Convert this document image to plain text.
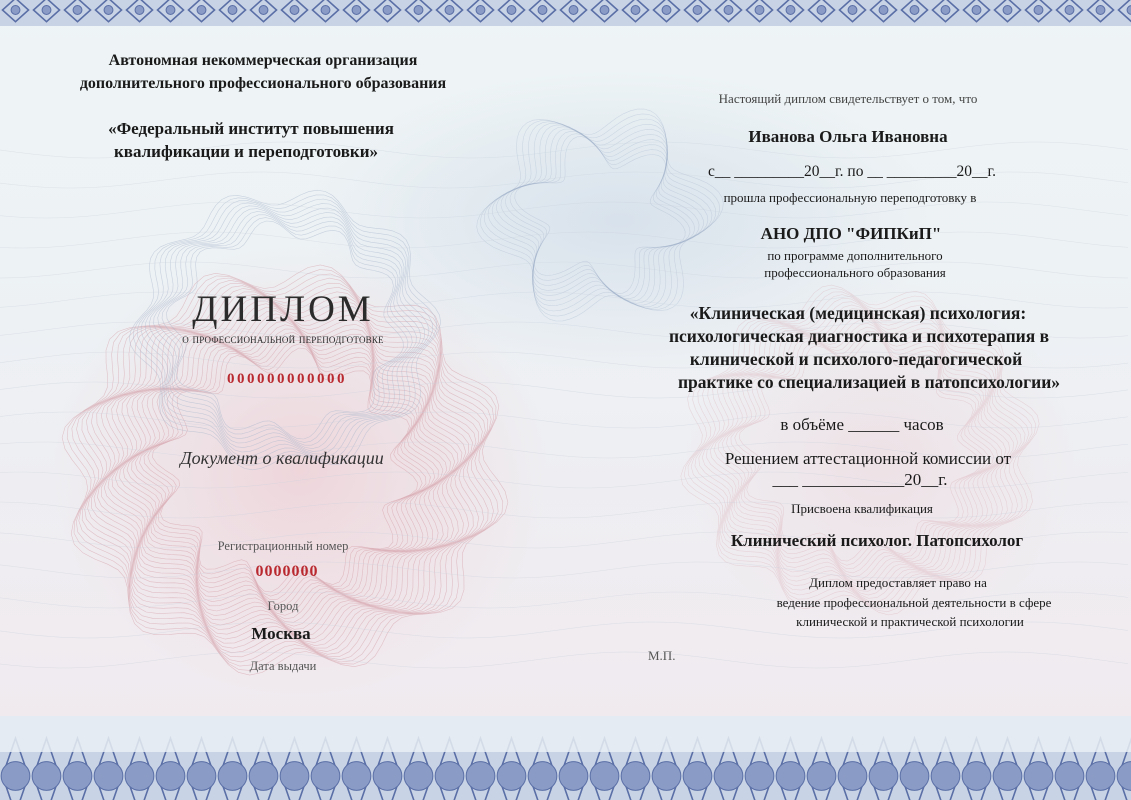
Автономная некоммерческая организация
дополнительного профессионального образования
«Федеральный институт повышения
квалификации и переподготовки»
ДИПЛОМ
о профессиональной переподготовке
000000000000
Документ о квалификации
Регистрационный номер
0000000
Город
Москва
Дата выдачи
Настоящий диплом свидетельствует о том, что
Иванова Ольга Ивановна
с__ _________20__г. по __ _________20__г.
прошла профессиональную переподготовку в
АНО ДПО "ФИПКиП"
по программе дополнительного
профессионального образования
«Клиническая (медицинская) психология:
психологическая диагностика и психотерапия в
клинической и психолого-педагогической
практике со специализацией в патопсихологии»
в объёме ______ часов
Решением аттестационной комиссии от
___ ____________20__г.
Присвоена квалификация
Клинический психолог. Патопсихолог
Диплом предоставляет право на
ведение профессиональной деятельности в сфере
клинической и практической психологии
М.П.
